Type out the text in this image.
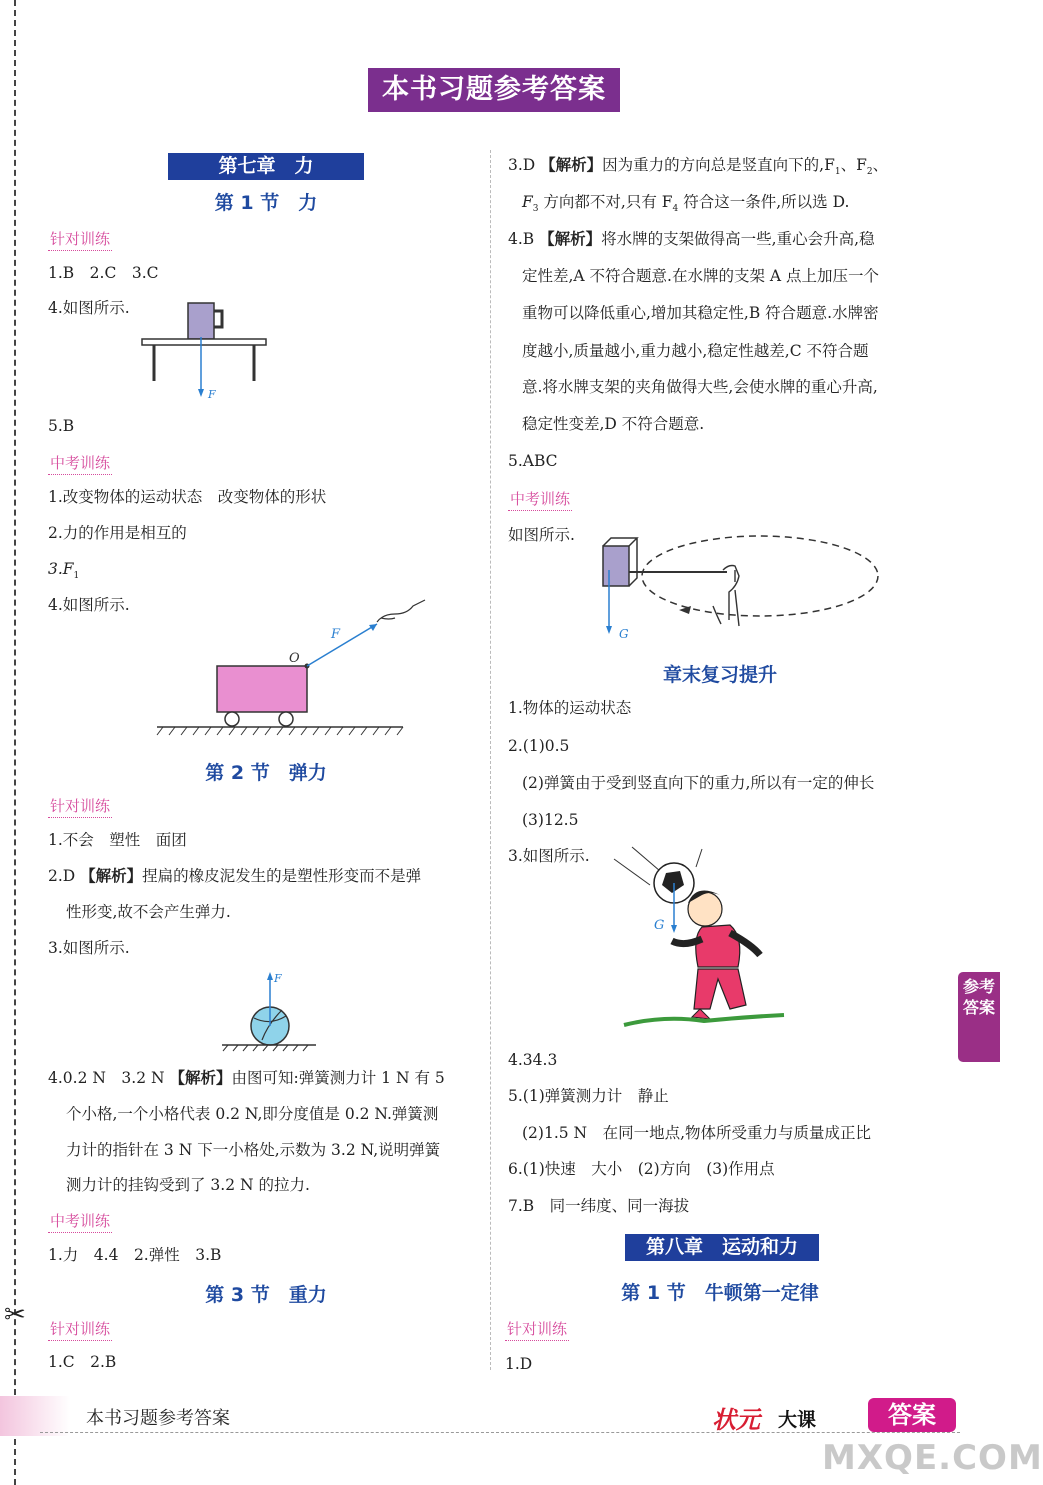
✂
本书习题参考答案
第七章　力
第 1 节　力
针对训练
1.B　2.C　3.C
4.如图所示.
F
5.B
中考训练
1.改变物体的运动状态　改变物体的形状
2.力的作用是相互的
$3.F_1$
4.如图所示.
O
F
第 2 节　弹力
针对训练
1.不会　塑性　面团
2.D 【解析】捏扁的橡皮泥发生的是塑性形变而不是弹
性形变,故不会产生弹力.
3.如图所示.
F
4.0.2 N　3.2 N 【解析】由图可知:弹簧测力计 1 N 有 5
个小格,一个小格代表 0.2 N,即分度值是 0.2 N.弹簧测
力计的指针在 3 N 下一小格处,示数为 3.2 N,说明弹簧
测力计的挂钩受到了 3.2 N 的拉力.
中考训练
1.力　4.4　2.弹性　3.B
第 3 节　重力
针对训练
1.C　2.B
3.D 【解析】因为重力的方向总是竖直向下的$,F_1$、$F_2$、
$F_3$ 方向都不对,只有 $F_4$ 符合这一条件,所以选 D.
4.B 【解析】将水牌的支架做得高一些,重心会升高,稳
定性差,A 不符合题意.在水牌的支架 A 点上加压一个
重物可以降低重心,增加其稳定性,B 符合题意.水牌密
度越小,质量越小,重力越小,稳定性越差,C 不符合题
意.将水牌支架的夹角做得大些,会使水牌的重心升高,
稳定性变差,D 不符合题意.
5.ABC
中考训练
如图所示.
G
章末复习提升
1.物体的运动状态
2.(1)0.5
(2)弹簧由于受到竖直向下的重力,所以有一定的伸长
(3)12.5
3.如图所示.
G
4.34.3
5.(1)弹簧测力计　静止
(2)1.5 N　在同一地点,物体所受重力与质量成正比
6.(1)快速　大小　(2)方向　(3)作用点
7.B　同一纬度、同一海拔
第八章　运动和力
第 1 节　牛顿第一定律
针对训练
1.D
参考答案
本书习题参考答案	状元 大课	答案
MXQE.COM
